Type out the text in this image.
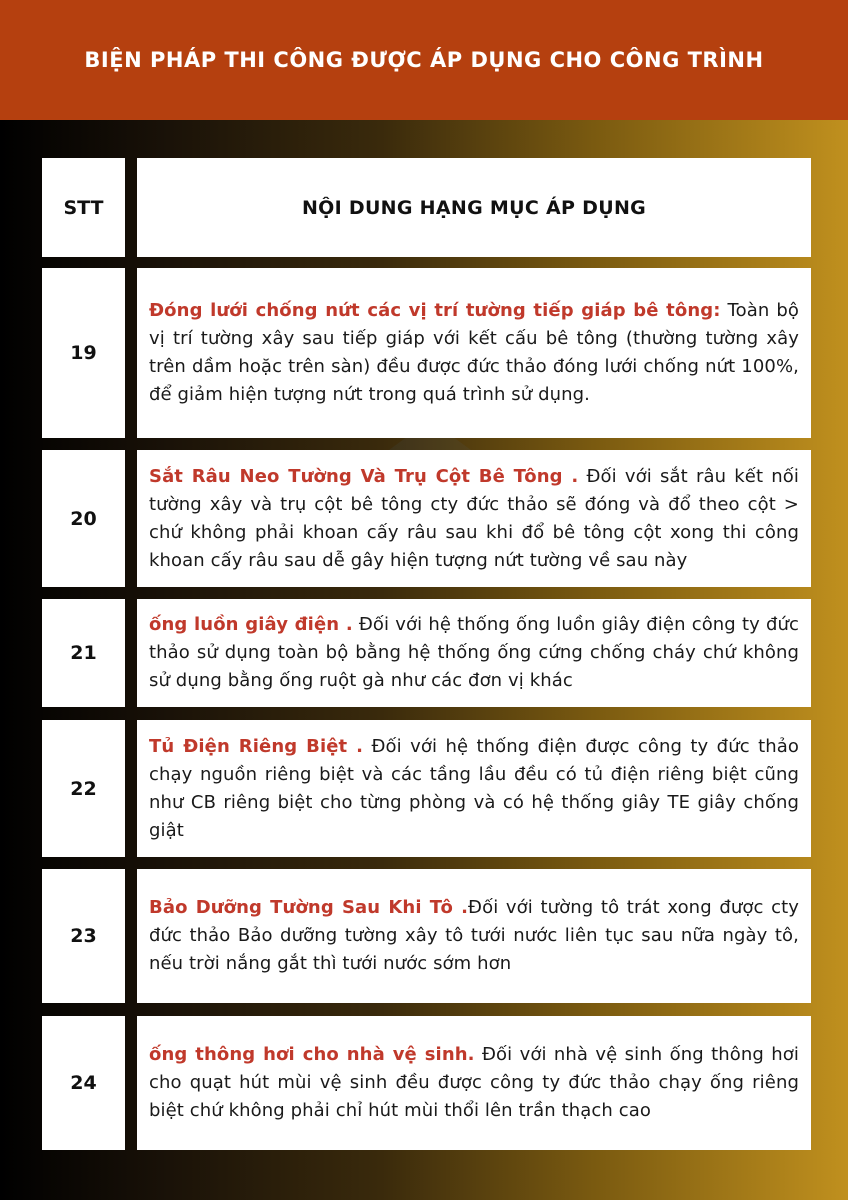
BIỆN PHÁP THI CÔNG ĐƯỢC ÁP DỤNG CHO CÔNG TRÌNH
STT	NỘI DUNG HẠNG MỤC ÁP DỤNG
19
Đóng lưới chống nứt các vị trí tường tiếp giáp bê tông: Toàn bộ vị trí tường xây sau tiếp giáp với kết cấu bê tông (thường tường xây trên dầm hoặc trên sàn) đều được đức thảo đóng lưới chống nứt 100%, để giảm hiện tượng nứt trong quá trình sử dụng.
20
Sắt Râu Neo Tường Và Trụ Cột Bê Tông . Đối với sắt râu kết nối tường xây và trụ cột bê tông cty đức thảo sẽ đóng và đổ theo cột > chứ không phải khoan cấy râu sau khi đổ bê tông cột xong thi công khoan cấy râu sau dễ gây hiện tượng nứt tường về sau này
21
ống luồn giây điện . Đối với hệ thống ống luồn giây điện công ty đức thảo sử dụng toàn bộ bằng hệ thống ống cứng chống cháy chứ không sử dụng bằng ống ruột gà như các đơn vị khác
22
Tủ Điện Riêng Biệt . Đối với hệ thống điện được công ty đức thảo chạy nguồn riêng biệt và các tầng lầu đều có tủ điện riêng biệt cũng như CB riêng biệt cho từng phòng và có hệ thống giây TE giây chống giật
23
Bảo Dưỡng Tường Sau Khi Tô .Đối với tường tô trát xong được cty đức thảo Bảo dưỡng tường xây tô tưới nước liên tục sau nữa ngày tô, nếu trời nắng gắt thì tưới nước sớm hơn
24
ống thông hơi cho nhà vệ sinh. Đối với nhà vệ sinh ống thông hơi cho quạt hút mùi vệ sinh đều được công ty đức thảo chạy ống riêng biệt chứ không phải chỉ hút mùi thổi lên trần thạch cao
